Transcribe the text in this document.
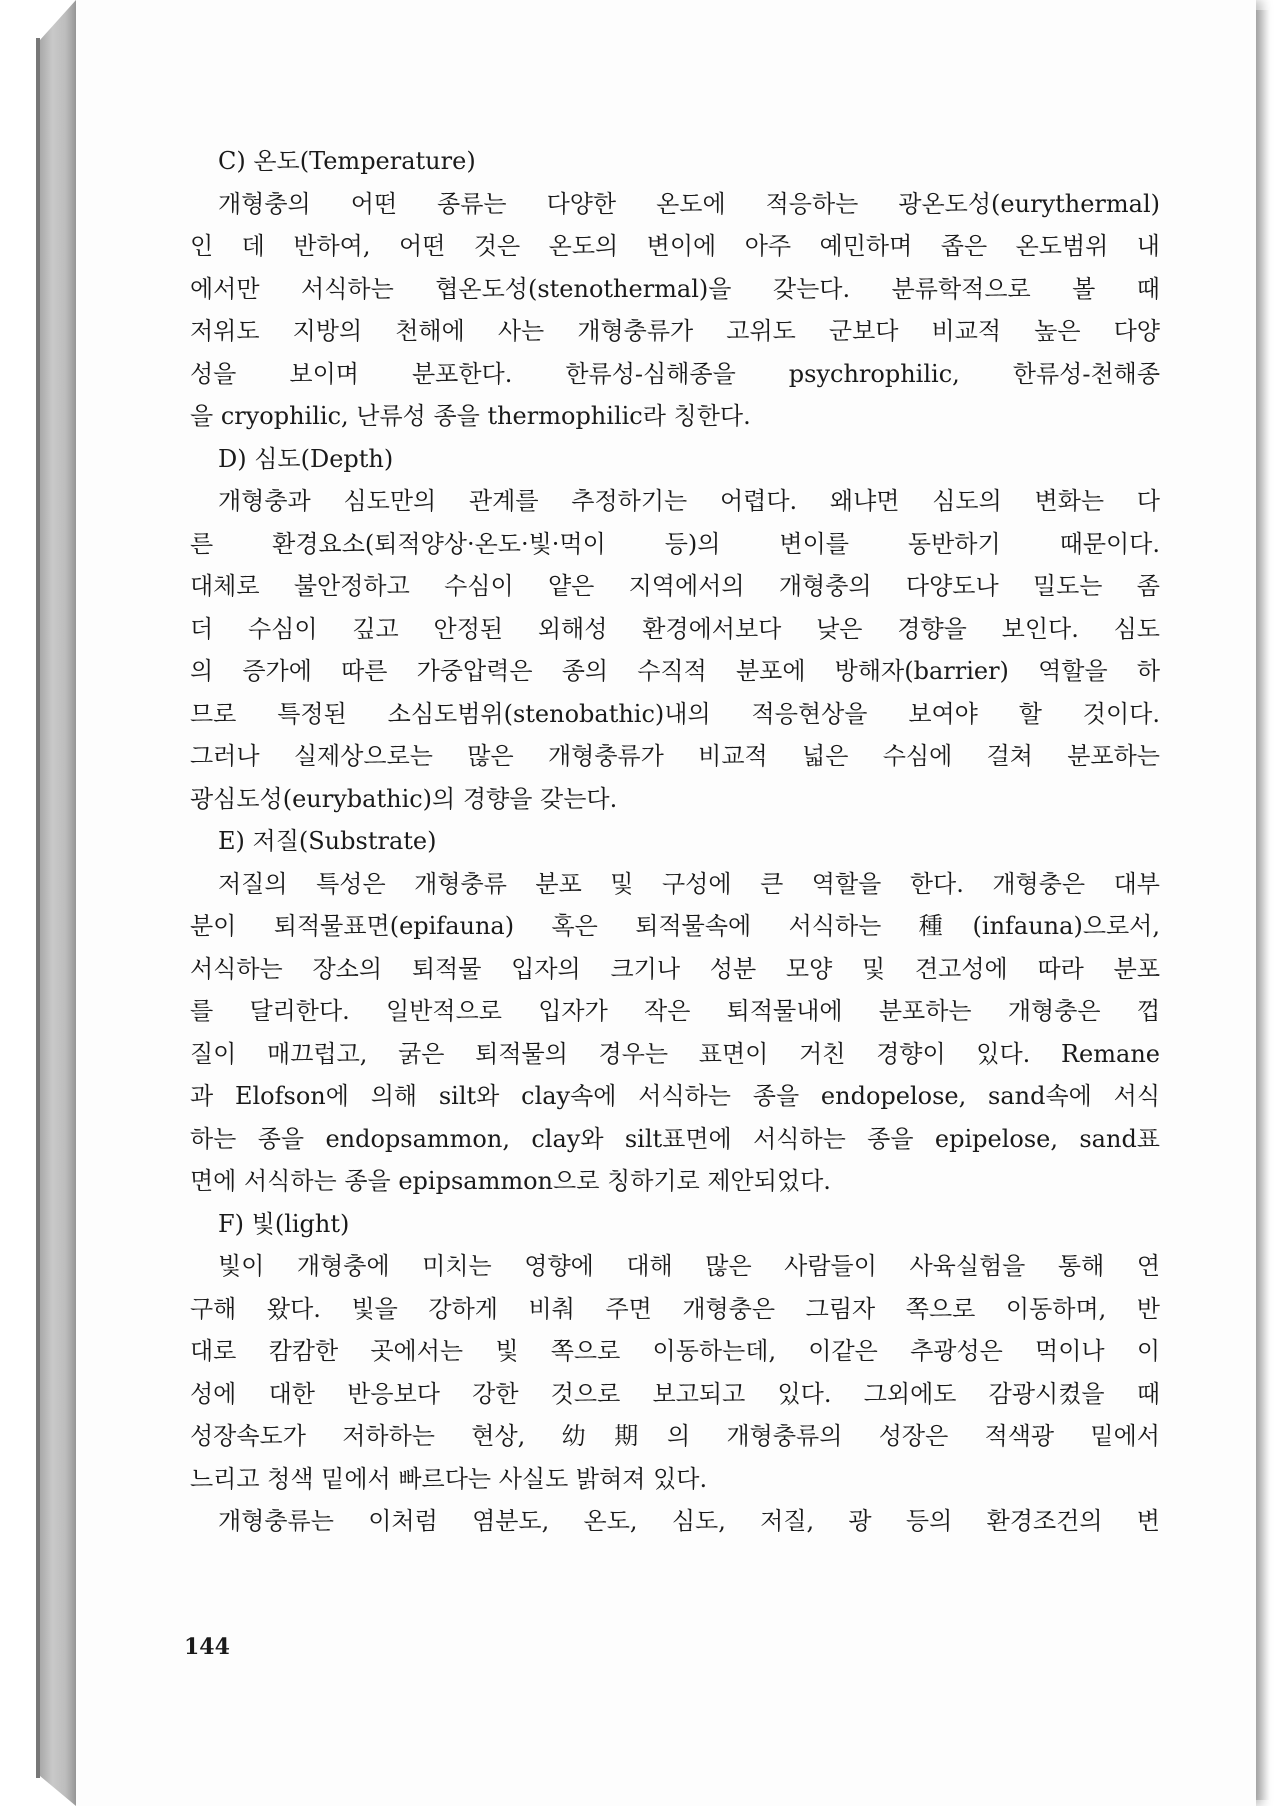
C) 온도(Temperature)
개형충의 어떤 종류는 다양한 온도에 적응하는 광온도성(eurythermal)
인 데 반하여, 어떤 것은 온도의 변이에 아주 예민하며 좁은 온도범위 내
에서만 서식하는 협온도성(stenothermal)을 갖는다. 분류학적으로 볼 때
저위도 지방의 천해에 사는 개형충류가 고위도 군보다 비교적 높은 다양
성을 보이며 분포한다. 한류성-심해종을 psychrophilic, 한류성-천해종
을 cryophilic, 난류성 종을 thermophilic라 칭한다.
D) 심도(Depth)
개형충과 심도만의 관계를 추정하기는 어렵다. 왜냐면 심도의 변화는 다
른 환경요소(퇴적양상·온도·빛·먹이 등)의 변이를 동반하기 때문이다.
대체로 불안정하고 수심이 얕은 지역에서의 개형충의 다양도나 밀도는 좀
더 수심이 깊고 안정된 외해성 환경에서보다 낮은 경향을 보인다. 심도
의 증가에 따른 가중압력은 종의 수직적 분포에 방해자(barrier) 역할을 하
므로 특정된 소심도범위(stenobathic)내의 적응현상을 보여야 할 것이다.
그러나 실제상으로는 많은 개형충류가 비교적 넓은 수심에 걸쳐 분포하는
광심도성(eurybathic)의 경향을 갖는다.
E) 저질(Substrate)
저질의 특성은 개형충류 분포 및 구성에 큰 역할을 한다. 개형충은 대부
분이 퇴적물표면(epifauna) 혹은 퇴적물속에 서식하는 種(infauna)으로서,
서식하는 장소의 퇴적물 입자의 크기나 성분 모양 및 견고성에 따라 분포
를 달리한다. 일반적으로 입자가 작은 퇴적물내에 분포하는 개형충은 껍
질이 매끄럽고, 굵은 퇴적물의 경우는 표면이 거친 경향이 있다. Remane
과 Elofson에 의해 silt와 clay속에 서식하는 종을 endopelose, sand속에 서식
하는 종을 endopsammon, clay와 silt표면에 서식하는 종을 epipelose, sand표
면에 서식하는 종을 epipsammon으로 칭하기로 제안되었다.
F) 빛(light)
빛이 개형충에 미치는 영향에 대해 많은 사람들이 사육실험을 통해 연
구해 왔다. 빛을 강하게 비춰 주면 개형충은 그림자 쪽으로 이동하며, 반
대로 캄캄한 곳에서는 빛 쪽으로 이동하는데, 이같은 추광성은 먹이나 이
성에 대한 반응보다 강한 것으로 보고되고 있다. 그외에도 감광시켰을 때
성장속도가 저하하는 현상, 幼期의 개형충류의 성장은 적색광 밑에서
느리고 청색 밑에서 빠르다는 사실도 밝혀져 있다.
개형충류는 이처럼 염분도, 온도, 심도, 저질, 광 등의 환경조건의 변
144
